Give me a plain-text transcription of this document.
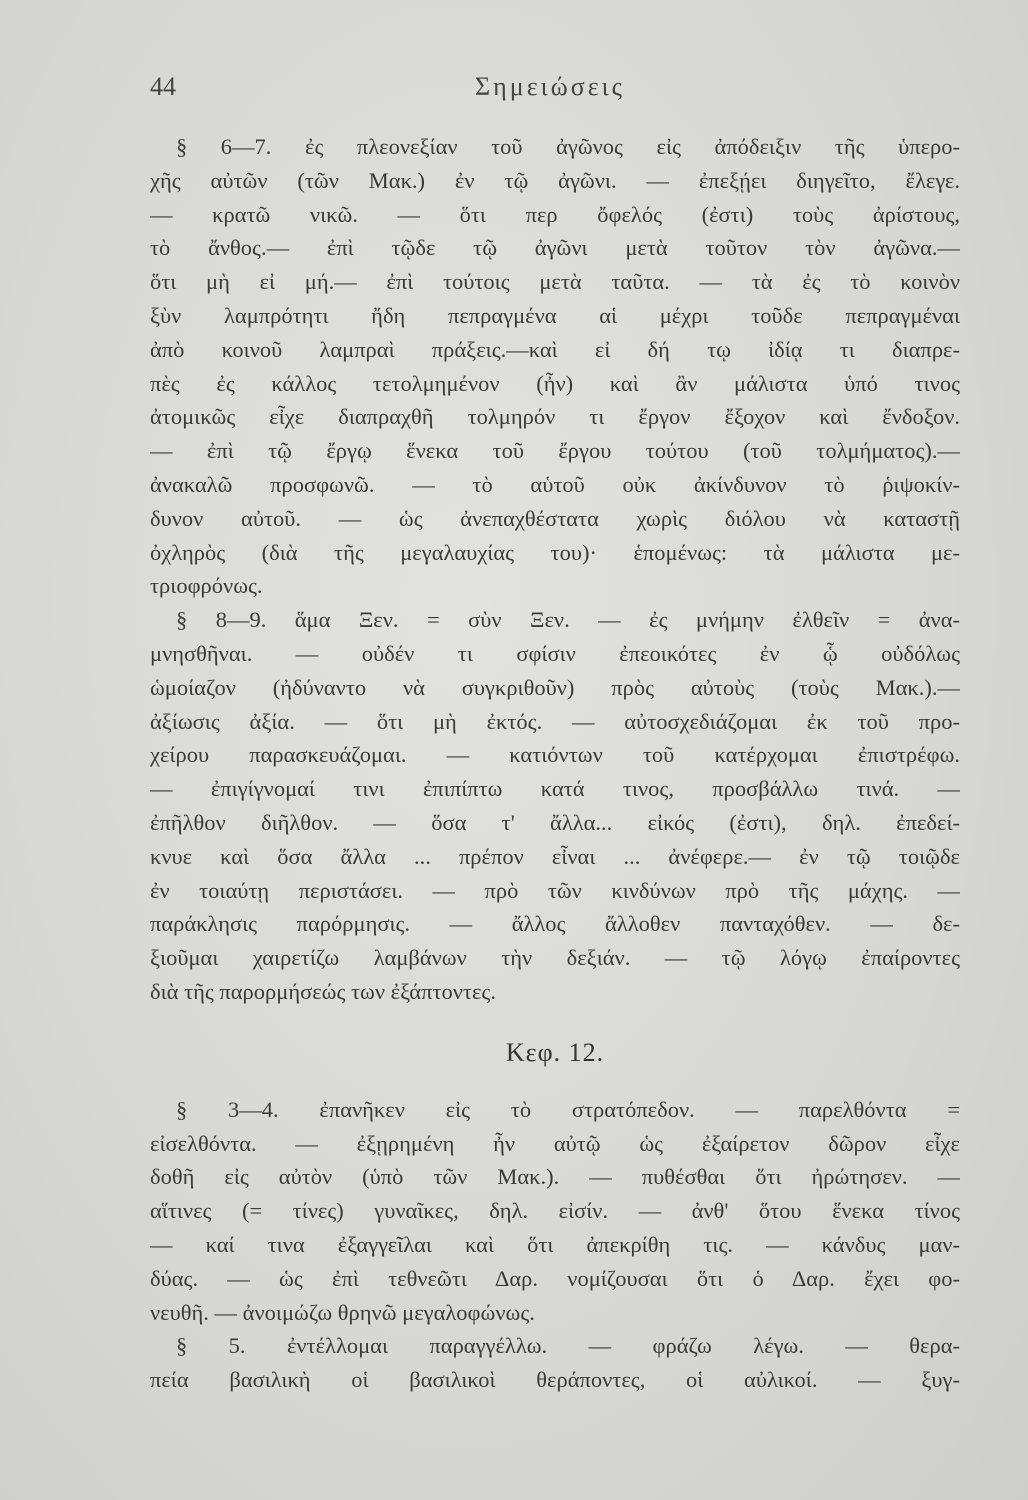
44	Σημειώσεις
§ 6—7. ἐς πλεονεξίαν τοῦ ἀγῶνος εἰς ἀπόδειξιν τῆς ὑπερο-
χῆς αὐτῶν (τῶν Μακ.) ἐν τῷ ἀγῶνι. — ἐπεξῄει διηγεῖτο, ἔλεγε.
— κρατῶ νικῶ. — ὅτι περ ὄφελός (ἐστι) τοὺς ἀρίστους,
τὸ ἄνθος.— ἐπὶ τῷδε τῷ ἀγῶνι μετὰ τοῦτον τὸν ἀγῶνα.—
ὅτι μὴ εἰ μή.— ἐπὶ τούτοις μετὰ ταῦτα. — τὰ ἐς τὸ κοινὸν
ξὺν λαμπρότητι ἤδη πεπραγμένα αἱ μέχρι τοῦδε πεπραγμέναι
ἀπὸ κοινοῦ λαμπραὶ πράξεις.—καὶ εἰ δή τῳ ἰδίᾳ τι διαπρε-
πὲς ἐς κάλλος τετολμημένον (ἦν) καὶ ἂν μάλιστα ὑπό τινος
ἀτομικῶς εἶχε διαπραχθῆ τολμηρόν τι ἔργον ἔξοχον καὶ ἔνδοξον.
— ἐπὶ τῷ ἔργῳ ἕνεκα τοῦ ἔργου τούτου (τοῦ τολμήματος).—
ἀνακαλῶ προσφωνῶ. — τὸ αὑτοῦ οὐκ ἀκίνδυνον τὸ ῥιψοκίν-
δυνον αὐτοῦ. — ὡς ἀνεπαχθέστατα χωρὶς διόλου νὰ καταστῇ
ὀχληρὸς (διὰ τῆς μεγαλαυχίας του)· ἑπομένως: τὰ μάλιστα με-
τριοφρόνως.
§ 8—9. ἅμα Ξεν. = σὺν Ξεν. — ἐς μνήμην ἐλθεῖν = ἀνα-
μνησθῆναι. — οὐδέν τι σφίσιν ἐπεοικότες ἐν ᾧ οὐδόλως
ὡμοίαζον (ἠδύναντο νὰ συγκριθοῦν) πρὸς αὐτοὺς (τοὺς Μακ.).—
ἀξίωσις ἀξία. — ὅτι μὴ ἐκτός. — αὐτοσχεδιάζομαι ἐκ τοῦ προ-
χείρου παρασκευάζομαι. — κατιόντων τοῦ κατέρχομαι ἐπιστρέφω.
— ἐπιγίγνομαί τινι ἐπιπίπτω κατά τινος, προσβάλλω τινά. —
ἐπῆλθον διῆλθον. — ὅσα τ' ἄλλα... εἰκός (ἐστι), δηλ. ἐπεδεί-
κνυε καὶ ὅσα ἄλλα ... πρέπον εἶναι ... ἀνέφερε.— ἐν τῷ τοιῷδε
ἐν τοιαύτῃ περιστάσει. — πρὸ τῶν κινδύνων πρὸ τῆς μάχης. —
παράκλησις παρόρμησις. — ἄλλος ἄλλοθεν πανταχόθεν. — δε-
ξιοῦμαι χαιρετίζω λαμβάνων τὴν δεξιάν. — τῷ λόγῳ ἐπαίροντες
διὰ τῆς παρορμήσεώς των ἐξάπτοντες.
Κεφ. 12.
§ 3—4. ἐπανῆκεν εἰς τὸ στρατόπεδον. — παρελθόντα =
εἰσελθόντα. — ἐξῃρημένη ἦν αὐτῷ ὡς ἐξαίρετον δῶρον εἶχε
δοθῆ εἰς αὐτὸν (ὑπὸ τῶν Μακ.). — πυθέσθαι ὅτι ἠρώτησεν. —
αἵτινες (= τίνες) γυναῖκες, δηλ. εἰσίν. — ἀνθ' ὅτου ἕνεκα τίνος
— καί τινα ἐξαγγεῖλαι καὶ ὅτι ἀπεκρίθη τις. — κάνδυς μαν-
δύας. — ὡς ἐπὶ τεθνεῶτι Δαρ. νομίζουσαι ὅτι ὁ Δαρ. ἔχει φο-
νευθῆ. — ἀνοιμώζω θρηνῶ μεγαλοφώνως.
§ 5. ἐντέλλομαι παραγγέλλω. — φράζω λέγω. — θερα-
πεία βασιλικὴ οἱ βασιλικοὶ θεράποντες, οἱ αὐλικοί. — ξυγ-
